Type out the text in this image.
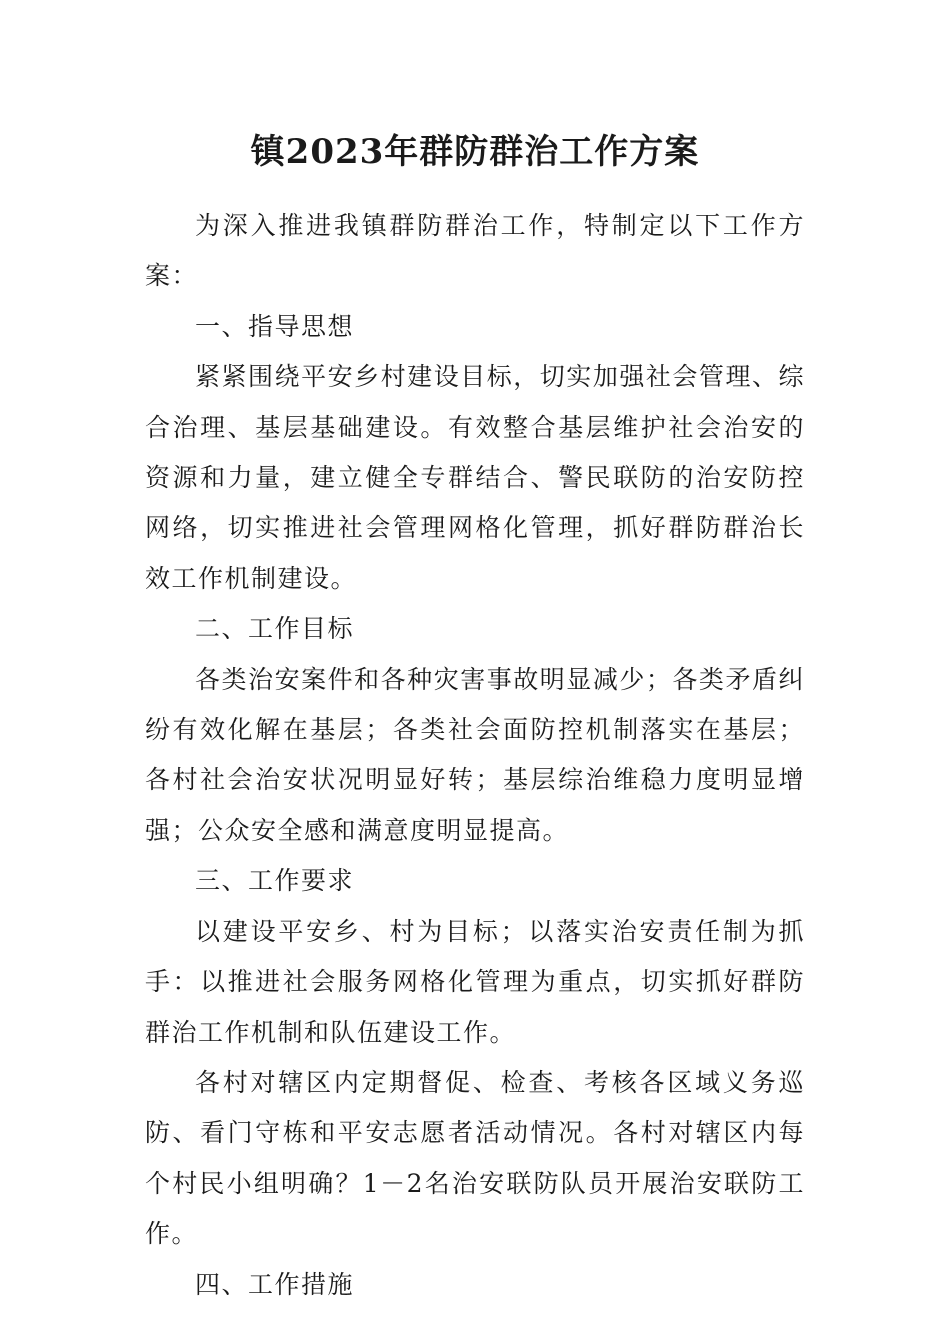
镇2023年群防群治工作方案

为深入推进我镇群防群治工作，特制定以下工作方案：

一、指导思想

紧紧围绕平安乡村建设目标，切实加强社会管理、综合治理、基层基础建设。有效整合基层维护社会治安的资源和力量，建立健全专群结合、警民联防的治安防控网络，切实推进社会管理网格化管理，抓好群防群治长效工作机制建设。

二、工作目标

各类治安案件和各种灾害事故明显减少；各类矛盾纠纷有效化解在基层；各类社会面防控机制落实在基层；各村社会治安状况明显好转；基层综治维稳力度明显增强；公众安全感和满意度明显提高。

三、工作要求

以建设平安乡、村为目标；以落实治安责任制为抓手：以推进社会服务网格化管理为重点，切实抓好群防群治工作机制和队伍建设工作。

各村对辖区内定期督促、检查、考核各区域义务巡防、看门守栋和平安志愿者活动情况。各村对辖区内每个村民小组明确？1－2名治安联防队员开展治安联防工作。

四、工作措施
